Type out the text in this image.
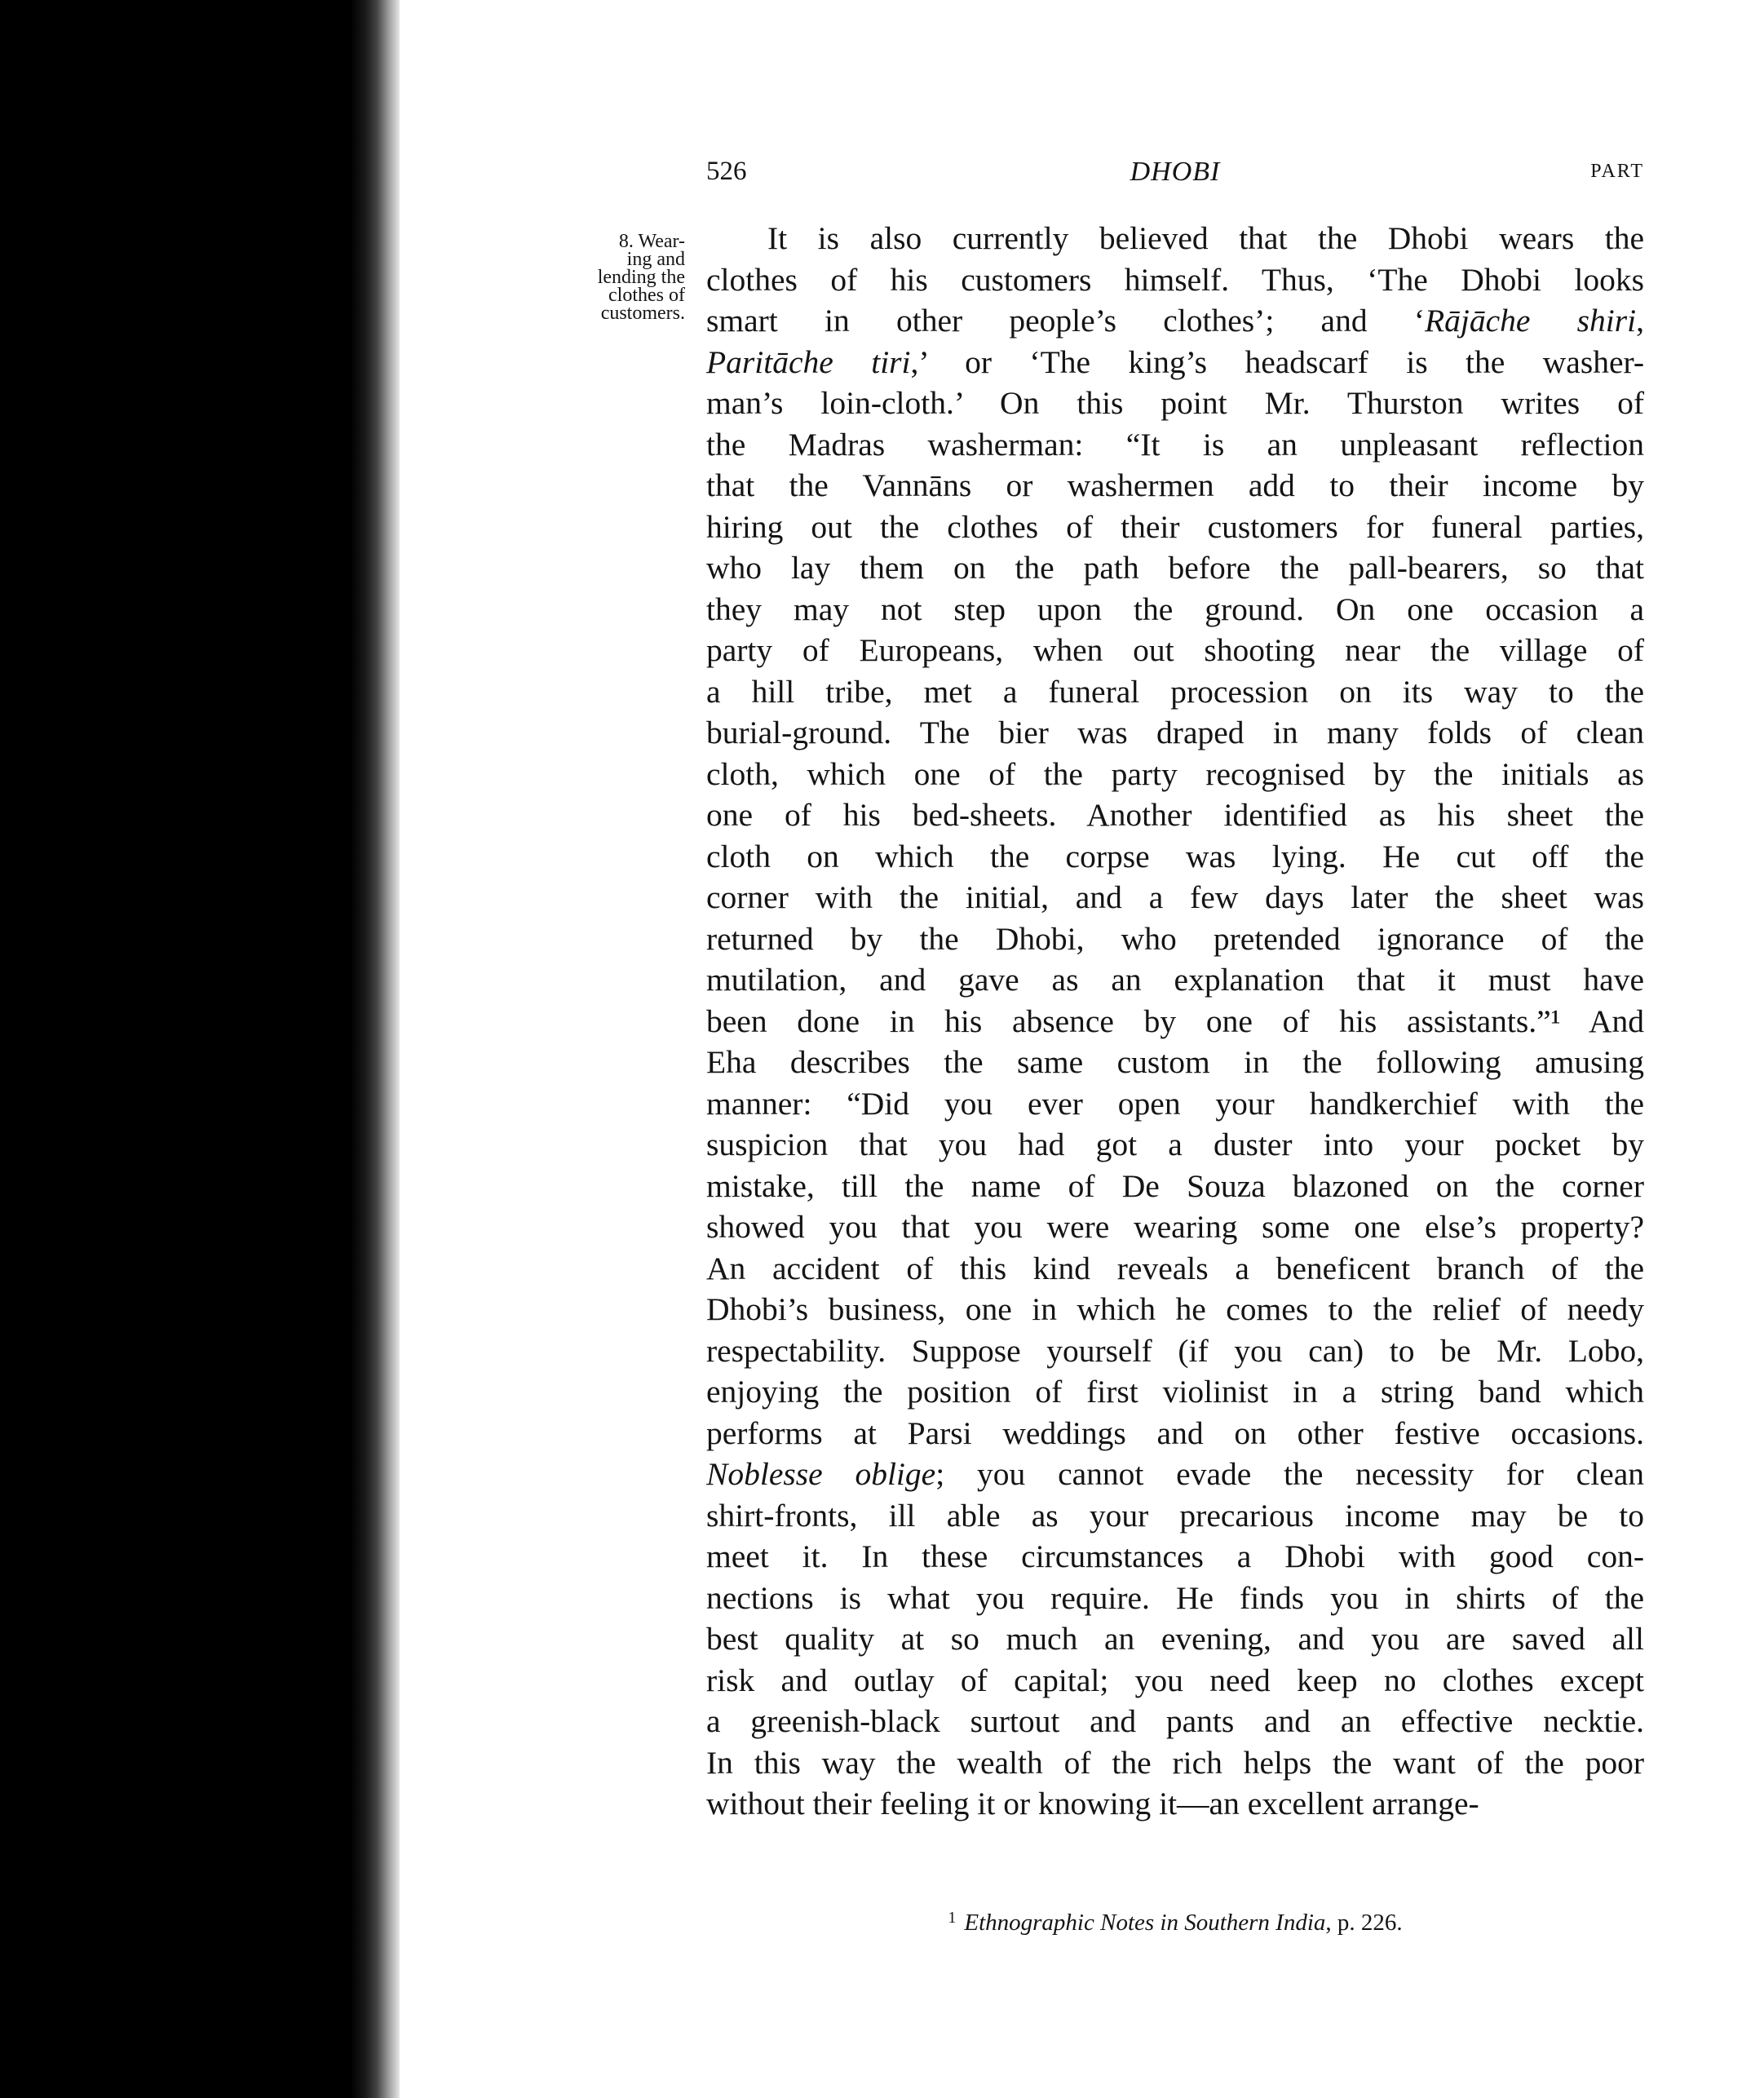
526	DHOBI	PART
8. Wear-
ing and
lending the
clothes of
customers.
It is also currently believed that the Dhobi wears the
clothes of his customers himself. Thus, ‘The Dhobi looks
smart in other people’s clothes’; and ‘Rājāche shiri,
Paritāche tiri,’ or ‘The king’s headscarf is the washer-
man’s loin-cloth.’ On this point Mr. Thurston writes of
the Madras washerman: “It is an unpleasant reflection
that the Vannāns or washermen add to their income by
hiring out the clothes of their customers for funeral parties,
who lay them on the path before the pall-bearers, so that
they may not step upon the ground. On one occasion a
party of Europeans, when out shooting near the village of
a hill tribe, met a funeral procession on its way to the
burial-ground. The bier was draped in many folds of clean
cloth, which one of the party recognised by the initials as
one of his bed-sheets. Another identified as his sheet the
cloth on which the corpse was lying. He cut off the
corner with the initial, and a few days later the sheet was
returned by the Dhobi, who pretended ignorance of the
mutilation, and gave as an explanation that it must have
been done in his absence by one of his assistants.”¹ And
Eha describes the same custom in the following amusing
manner: “Did you ever open your handkerchief with the
suspicion that you had got a duster into your pocket by
mistake, till the name of De Souza blazoned on the corner
showed you that you were wearing some one else’s property?
An accident of this kind reveals a beneficent branch of the
Dhobi’s business, one in which he comes to the relief of needy
respectability. Suppose yourself (if you can) to be Mr. Lobo,
enjoying the position of first violinist in a string band which
performs at Parsi weddings and on other festive occasions.
Noblesse oblige; you cannot evade the necessity for clean
shirt-fronts, ill able as your precarious income may be to
meet it. In these circumstances a Dhobi with good con-
nections is what you require. He finds you in shirts of the
best quality at so much an evening, and you are saved all
risk and outlay of capital; you need keep no clothes except
a greenish-black surtout and pants and an effective necktie.
In this way the wealth of the rich helps the want of the poor
without their feeling it or knowing it—an excellent arrange-
$^1$ Ethnographic Notes in Southern India, p. 226.
